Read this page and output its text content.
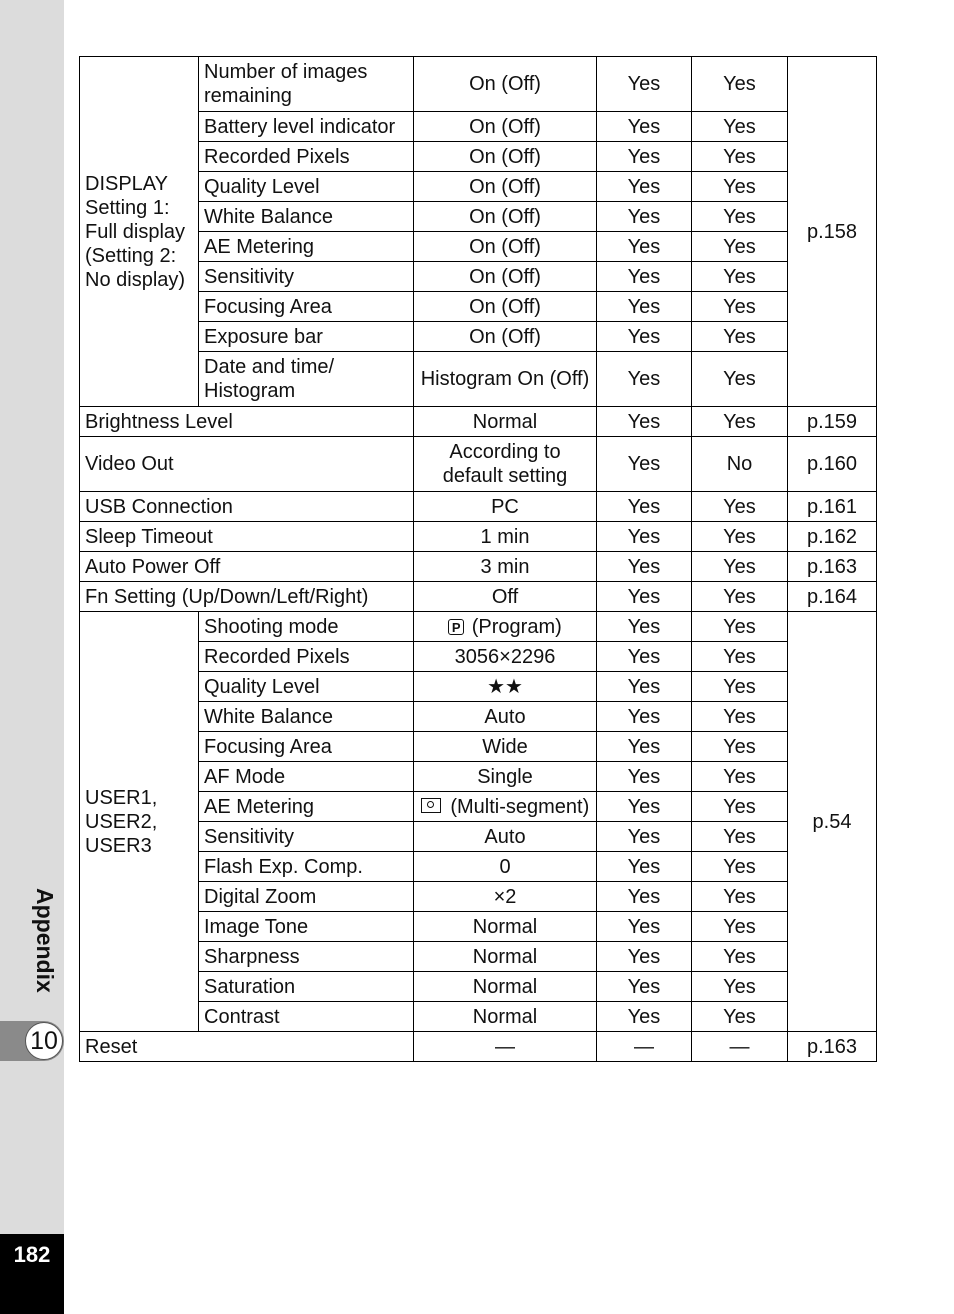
Appendix
10
182
DISPLAY Setting 1: Full display (Setting 2: No display)	Number of images remaining	On (Off)	Yes	Yes	p.158
	Battery level indicator	On (Off)	Yes	Yes	
	Recorded Pixels	On (Off)	Yes	Yes	
	Quality Level	On (Off)	Yes	Yes	
	White Balance	On (Off)	Yes	Yes	
	AE Metering	On (Off)	Yes	Yes	
	Sensitivity	On (Off)	Yes	Yes	
	Focusing Area	On (Off)	Yes	Yes	
	Exposure bar	On (Off)	Yes	Yes	
	Date and time/ Histogram	Histogram On (Off)	Yes	Yes	
Brightness Level		Normal	Yes	Yes	p.159
Video Out		According to default setting	Yes	No	p.160
USB Connection		PC	Yes	Yes	p.161
Sleep Timeout		1 min	Yes	Yes	p.162
Auto Power Off		3 min	Yes	Yes	p.163
Fn Setting (Up/Down/Left/Right)		Off	Yes	Yes	p.164
USER1, USER2, USER3	Shooting mode	P (Program)	Yes	Yes	p.54
	Recorded Pixels	3056×2296	Yes	Yes	
	Quality Level	★★	Yes	Yes	
	White Balance	Auto	Yes	Yes	
	Focusing Area	Wide	Yes	Yes	
	AF Mode	Single	Yes	Yes	
	AE Metering	(Multi-segment)	Yes	Yes	
	Sensitivity	Auto	Yes	Yes	
	Flash Exp. Comp.	0	Yes	Yes	
	Digital Zoom	×2	Yes	Yes	
	Image Tone	Normal	Yes	Yes	
	Sharpness	Normal	Yes	Yes	
	Saturation	Normal	Yes	Yes	
	Contrast	Normal	Yes	Yes	
Reset		—	—	—	p.163
